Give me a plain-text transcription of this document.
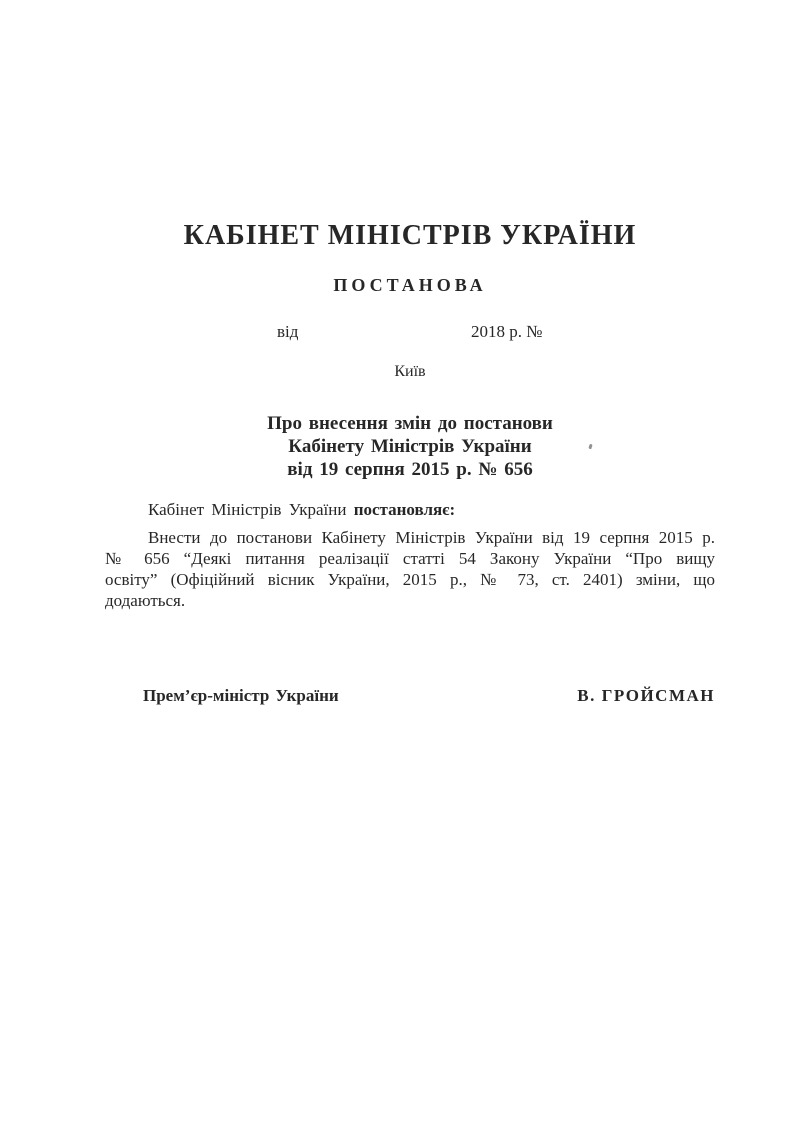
КАБІНЕТ МІНІСТРІВ УКРАЇНИ
ПОСТАНОВА
від	2018 р. №
Київ
Про внесення змін до постанови
Кабінету Міністрів України
від 19 серпня 2015 р. № 656

Кабінет Міністрів України постановляє:

Внести до постанови Кабінету Міністрів України від 19 серпня 2015 р.
№ 656 “Деякі питання реалізації статті 54 Закону України “Про вищу
освіту” (Офіційний вісник України, 2015 р., № 73, ст. 2401) зміни, що
додаються.
Прем’єр-міністр України	В. ГРОЙСМАН
